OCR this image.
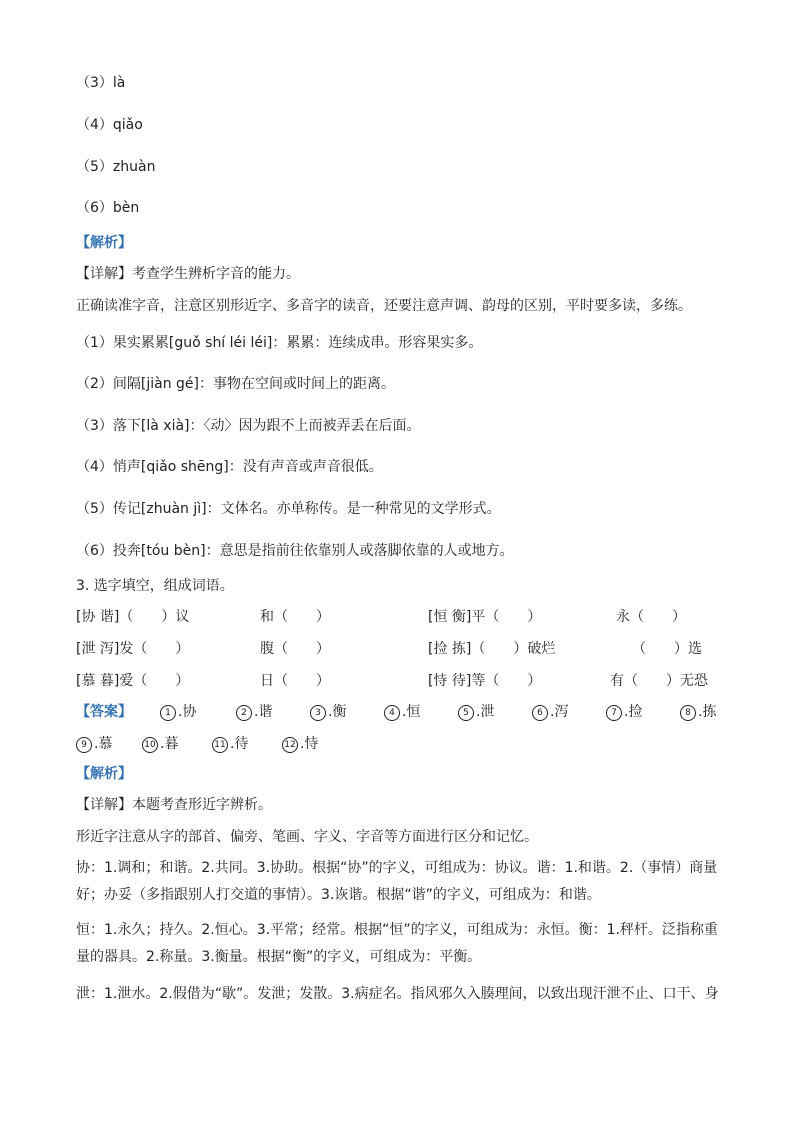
（3）là
（4）qiǎo
（5）zhuàn
（6）bèn
【解析】
【详解】考查学生辨析字音的能力。
正确读准字音，注意区别形近字、多音字的读音，还要注意声调、韵母的区别，平时要多读，多练。
（1）果实累累[guǒ shí léi léi]：累累：连续成串。形容果实多。
（2）间隔[jiàn gé]：事物在空间或时间上的距离。
（3）落下[là xià]：〈动〉因为跟不上而被弄丢在后面。
（4）悄声[qiǎo shēng]：没有声音或声音很低。
（5）传记[zhuàn jì]：文体名。亦单称传。是一种常见的文学形式。
（6）投奔[tóu bèn]：意思是指前往依靠别人或落脚依靠的人或地方。
3. 选字填空，组成词语。
[协 谐]（　　）议	和（　　）	[恒 衡]平（　　）	永（　　）
[泄 泻]发（　　）	腹（　　）	[捡 拣]（　　）破烂	（　　）选
[慕 暮]爱（　　）	日（　　）	[恃 待]等（　　）	有（　　）无恐
【答案】	1 .协	2 .谐	3 .衡	4 .恒	5 .泄	6 .泻	7 .捡	8 .拣
9 .慕	10 .暮	11 .待	12 .恃
【解析】
【详解】本题考查形近字辨析。
形近字注意从字的部首、偏旁、笔画、字义、字音等方面进行区分和记忆。
协：1.调和；和谐。2.共同。3.协助。根据“协”的字义，可组成为：协议。谐：1.和谐。2.（事情）商量好；办妥（多指跟别人打交道的事情）。3.诙谐。根据“谐”的字义，可组成为：和谐。
恒：1.永久；持久。2.恒心。3.平常；经常。根据“恒”的字义，可组成为：永恒。衡：1.秤杆。泛指称重量的器具。2.称量。3.衡量。根据“衡”的字义，可组成为：平衡。
泄：1.泄水。2.假借为“歇”。发泄；发散。3.病症名。指风邪久入腠理间，以致出现汗泄不止、口干、身
